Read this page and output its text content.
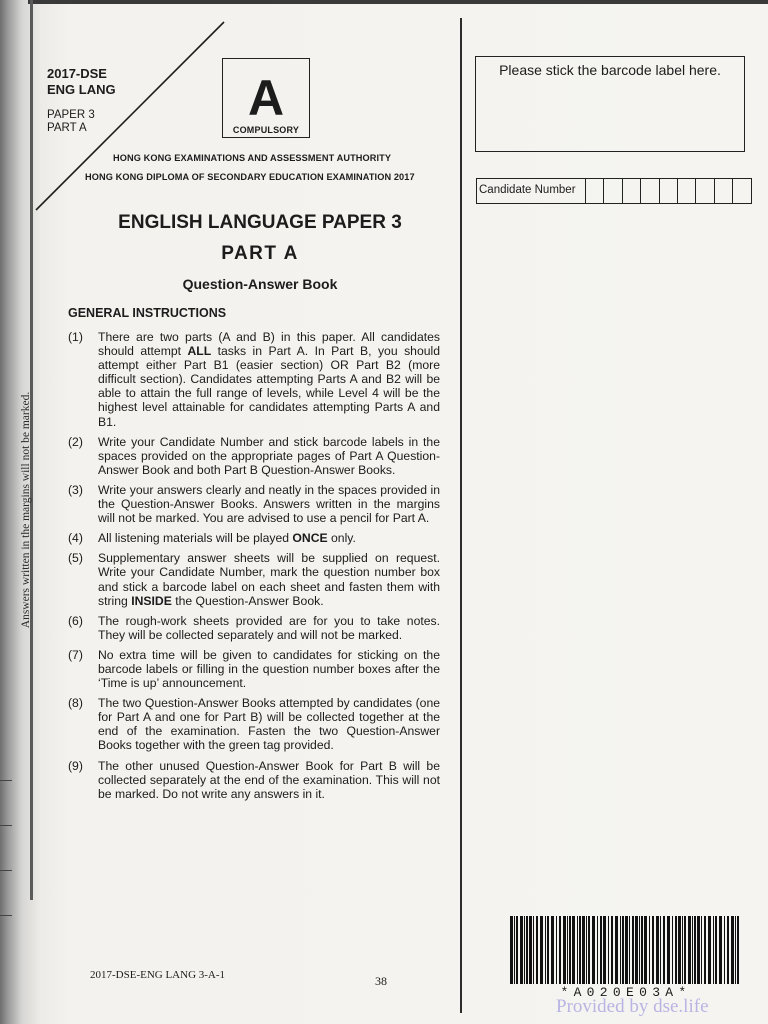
Answers written in the margins will not be marked.
2017-DSE
ENG LANG
PAPER 3
PART A
A
COMPULSORY
HONG KONG EXAMINATIONS AND ASSESSMENT AUTHORITY
HONG KONG DIPLOMA OF SECONDARY EDUCATION EXAMINATION 2017
ENGLISH LANGUAGE PAPER 3
PART A
Question-Answer Book
GENERAL INSTRUCTIONS
(1)	There are two parts (A and B) in this paper. All candidates should attempt ALL tasks in Part A. In Part B, you should attempt either Part B1 (easier section) OR Part B2 (more difficult section). Candidates attempting Parts A and B2 will be able to attain the full range of levels, while Level 4 will be the highest level attainable for candidates attempting Parts A and B1.
(2)	Write your Candidate Number and stick barcode labels in the spaces provided on the appropriate pages of Part A Question-Answer Book and both Part B Question-Answer Books.
(3)	Write your answers clearly and neatly in the spaces provided in the Question-Answer Books. Answers written in the margins will not be marked. You are advised to use a pencil for Part A.
(4)	All listening materials will be played ONCE only.
(5)	Supplementary answer sheets will be supplied on request. Write your Candidate Number, mark the question number box and stick a barcode label on each sheet and fasten them with string INSIDE the Question-Answer Book.
(6)	The rough-work sheets provided are for you to take notes. They will be collected separately and will not be marked.
(7)	No extra time will be given to candidates for sticking on the barcode labels or filling in the question number boxes after the ‘Time is up’ announcement.
(8)	The two Question-Answer Books attempted by candidates (one for Part A and one for Part B) will be collected together at the end of the examination. Fasten the two Question-Answer Books together with the green tag provided.
(9)	The other unused Question-Answer Book for Part B will be collected separately at the end of the examination. This will not be marked. Do not write any answers in it.
Please stick the barcode label here.
Candidate Number
2017-DSE-ENG LANG 3-A-1	38
*A020E03A*
Provided by dse.life
